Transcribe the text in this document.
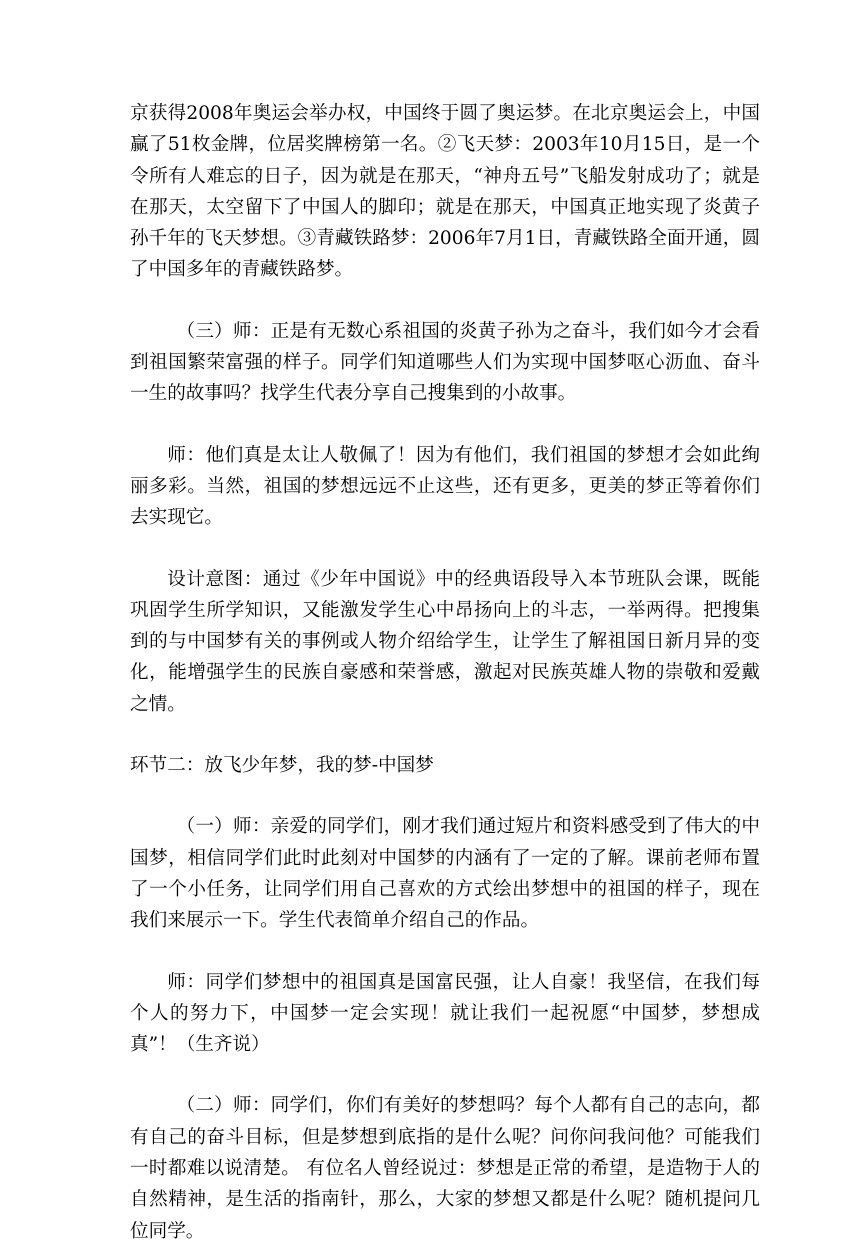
京获得2008年奥运会举办权，中国终于圆了奥运梦。在北京奥运会上，中国赢了51枚金牌，位居奖牌榜第一名。②飞天梦：2003年10月15日，是一个令所有人难忘的日子，因为就是在那天，“神舟五号”飞船发射成功了；就是在那天，太空留下了中国人的脚印；就是在那天，中国真正地实现了炎黄子孙千年的飞天梦想。③青藏铁路梦：2006年7月1日，青藏铁路全面开通，圆了中国多年的青藏铁路梦。

（三）师：正是有无数心系祖国的炎黄子孙为之奋斗，我们如今才会看到祖国繁荣富强的样子。同学们知道哪些人们为实现中国梦呕心沥血、奋斗一生的故事吗？找学生代表分享自己搜集到的小故事。

师：他们真是太让人敬佩了！因为有他们，我们祖国的梦想才会如此绚丽多彩。当然，祖国的梦想远远不止这些，还有更多，更美的梦正等着你们去实现它。

设计意图：通过《少年中国说》中的经典语段导入本节班队会课，既能巩固学生所学知识，又能激发学生心中昂扬向上的斗志，一举两得。把搜集到的与中国梦有关的事例或人物介绍给学生，让学生了解祖国日新月异的变化，能增强学生的民族自豪感和荣誉感，激起对民族英雄人物的崇敬和爱戴之情。

环节二：放飞少年梦，我的梦-中国梦

（一）师：亲爱的同学们，刚才我们通过短片和资料感受到了伟大的中国梦，相信同学们此时此刻对中国梦的内涵有了一定的了解。课前老师布置了一个小任务，让同学们用自己喜欢的方式绘出梦想中的祖国的样子，现在我们来展示一下。学生代表简单介绍自己的作品。

师：同学们梦想中的祖国真是国富民强，让人自豪！我坚信，在我们每个人的努力下，中国梦一定会实现！就让我们一起祝愿“中国梦，梦想成真”！（生齐说）

（二）师：同学们，你们有美好的梦想吗？每个人都有自己的志向，都有自己的奋斗目标，但是梦想到底指的是什么呢？问你问我问他？可能我们一时都难以说清楚。 有位名人曾经说过：梦想是正常的希望，是造物于人的自然精神，是生活的指南针，那么，大家的梦想又都是什么呢？随机提问几位同学。
